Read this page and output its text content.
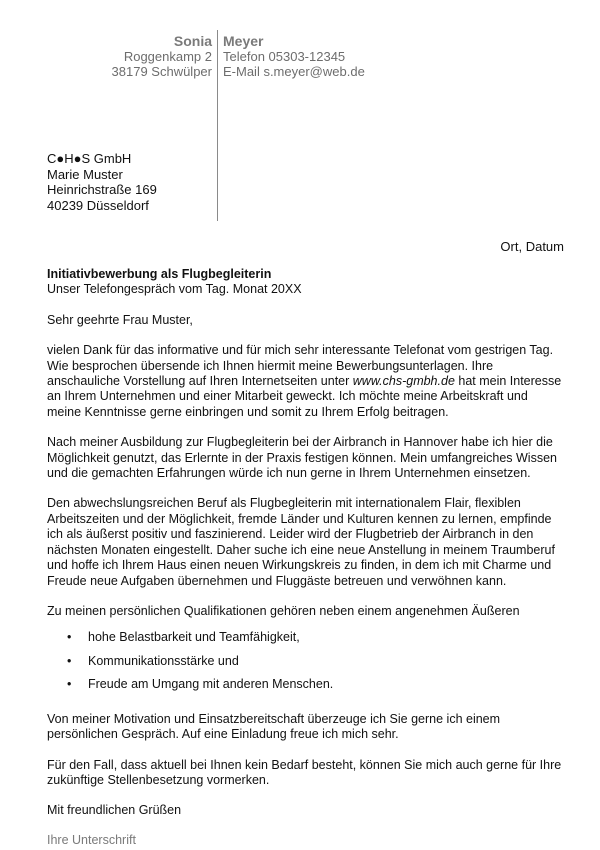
Sonia
Roggenkamp 2
38179 Schwülper
Meyer
Telefon 05303-12345
E-Mail s.meyer@web.de
C●H●S GmbH
Marie Muster
Heinrichstraße 169
40239 Düsseldorf
Ort, Datum

Initiativbewerbung als Flugbegleiterin

Unser Telefongespräch vom Tag. Monat 20XX

Sehr geehrte Frau Muster,

vielen Dank für das informative und für mich sehr interessante Telefonat vom gestrigen Tag. Wie besprochen übersende ich Ihnen hiermit meine Bewerbungsunterlagen. Ihre anschauliche Vorstellung auf Ihren Internetseiten unter www.chs-gmbh.de hat mein Interesse an Ihrem Unternehmen und einer Mitarbeit geweckt. Ich möchte meine Arbeitskraft und meine Kenntnisse gerne einbringen und somit zu Ihrem Erfolg beitragen.

Nach meiner Ausbildung zur Flugbegleiterin bei der Airbranch in Hannover habe ich hier die Möglichkeit genutzt, das Erlernte in der Praxis festigen können. Mein umfangreiches Wissen und die gemachten Erfahrungen würde ich nun gerne in Ihrem Unternehmen einsetzen.

Den abwechslungsreichen Beruf als Flugbegleiterin mit internationalem Flair, flexiblen Arbeitszeiten und der Möglichkeit, fremde Länder und Kulturen kennen zu lernen, empfinde ich als äußerst positiv und faszinierend. Leider wird der Flugbetrieb der Airbranch in den nächsten Monaten eingestellt. Daher suche ich eine neue Anstellung in meinem Traumberuf und hoffe ich Ihrem Haus einen neuen Wirkungskreis zu finden, in dem ich mit Charme und Freude neue Aufgaben übernehmen und Fluggäste betreuen und verwöhnen kann.

Zu meinen persönlichen Qualifikationen gehören neben einem angenehmen Äußeren

• hohe Belastbarkeit und Teamfähigkeit,
• Kommunikationsstärke und
• Freude am Umgang mit anderen Menschen.

Von meiner Motivation und Einsatzbereitschaft überzeuge ich Sie gerne ich einem persönlichen Gespräch. Auf eine Einladung freue ich mich sehr.

Für den Fall, dass aktuell bei Ihnen kein Bedarf besteht, können Sie mich auch gerne für Ihre zukünftige Stellenbesetzung vormerken.

Mit freundlichen Grüßen

Ihre Unterschrift
